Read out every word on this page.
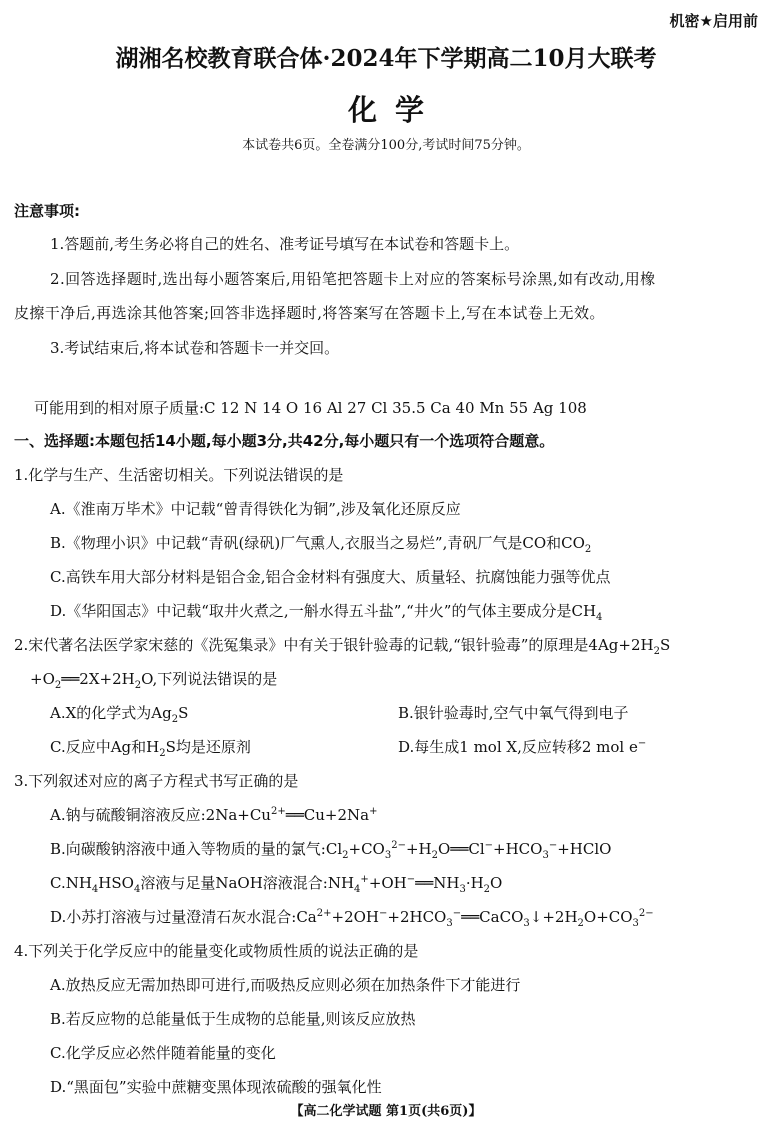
机密★启用前
湖湘名校教育联合体·2024年下学期高二10月大联考
化学
本试卷共6页。全卷满分100分,考试时间75分钟。
注意事项:
1.答题前,考生务必将自己的姓名、准考证号填写在本试卷和答题卡上。
2.回答选择题时,选出每小题答案后,用铅笔把答题卡上对应的答案标号涂黑,如有改动,用橡
皮擦干净后,再选涂其他答案;回答非选择题时,将答案写在答题卡上,写在本试卷上无效。
3.考试结束后,将本试卷和答题卡一并交回。
可能用到的相对原子质量:C 12 N 14 O 16 Al 27 Cl 35.5 Ca 40 Mn 55 Ag 108
一、选择题:本题包括14小题,每小题3分,共42分,每小题只有一个选项符合题意。
1.化学与生产、生活密切相关。下列说法错误的是
A.《淮南万毕术》中记载“曾青得铁化为铜”,涉及氧化还原反应
B.《物理小识》中记载“青矾(绿矾)厂气熏人,衣服当之易烂”,青矾厂气是CO和$CO_2$
C.高铁车用大部分材料是铝合金,铝合金材料有强度大、质量轻、抗腐蚀能力强等优点
D.《华阳国志》中记载“取井火煮之,一斛水得五斗盐”,“井火”的气体主要成分是$CH_4$
2.宋代著名法医学家宋慈的《洗冤集录》中有关于银针验毒的记载,“银针验毒”的原理是$4Ag+2H_2S$
$+O_2══2X+2H_2O$,下列说法错误的是
A.X的化学式为$Ag_2S$	B.银针验毒时,空气中氧气得到电子
C.反应中Ag和$H_2S$均是还原剂	D.每生成1 mol X,反应转移2 mol e−
3.下列叙述对应的离子方程式书写正确的是
A.钠与硫酸铜溶液反应$:2Na+Cu^{2+}══Cu+2Na^+$
B.向碳酸钠溶液中通入等物质的量的氯气$:Cl_2+CO_3^{2-}+H_2O══Cl^-+HCO_3^-+HClO$
$C.NH_4HSO_4$溶液与足量NaOH溶液混合$:NH_4^++OH^-══NH_3\cdot H_2O$
D.小苏打溶液与过量澄清石灰水混合$:Ca^{2+}+2OH^-+2HCO_3^-══CaCO_3↓+2H_2O+CO_3^{2-}$
4.下列关于化学反应中的能量变化或物质性质的说法正确的是
A.放热反应无需加热即可进行,而吸热反应则必须在加热条件下才能进行
B.若反应物的总能量低于生成物的总能量,则该反应放热
C.化学反应必然伴随着能量的变化
D.“黑面包”实验中蔗糖变黑体现浓硫酸的强氧化性
【高二化学试题 第1页(共6页)】
